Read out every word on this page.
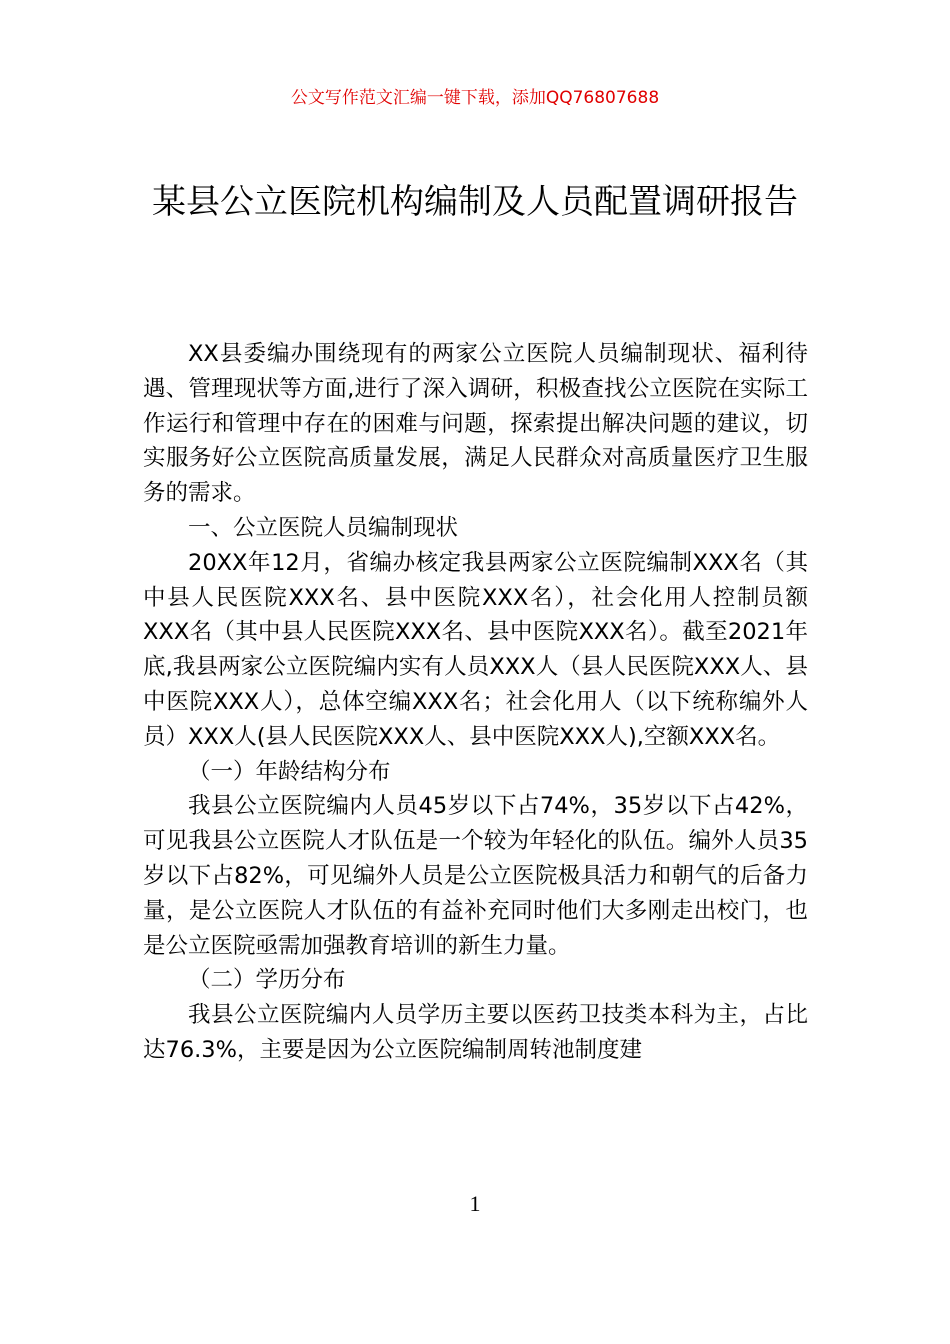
公文写作范文汇编一键下载，添加QQ76807688
某县公立医院机构编制及人员配置调研报告

XX县委编办围绕现有的两家公立医院人员编制现状、福利待遇、管理现状等方面,进行了深入调研，积极查找公立医院在实际工作运行和管理中存在的困难与问题，探索提出解决问题的建议，切实服务好公立医院高质量发展，满足人民群众对高质量医疗卫生服务的需求。

一、公立医院人员编制现状

20XX年12月，省编办核定我县两家公立医院编制XXX名（其中县人民医院XXX名、县中医院XXX名），社会化用人控制员额XXX名（其中县人民医院XXX名、县中医院XXX名）。截至2021年底,我县两家公立医院编内实有人员XXX人（县人民医院XXX人、县中医院XXX人），总体空编XXX名；社会化用人（以下统称编外人员）XXX人(县人民医院XXX人、县中医院XXX人),空额XXX名。

（一）年龄结构分布

我县公立医院编内人员45岁以下占74%，35岁以下占42%，可见我县公立医院人才队伍是一个较为年轻化的队伍。编外人员35岁以下占82%，可见编外人员是公立医院极具活力和朝气的后备力量，是公立医院人才队伍的有益补充同时他们大多刚走出校门，也是公立医院亟需加强教育培训的新生力量。

（二）学历分布

我县公立医院编内人员学历主要以医药卫技类本科为主，占比达76.3%，主要是因为公立医院编制周转池制度建

1
